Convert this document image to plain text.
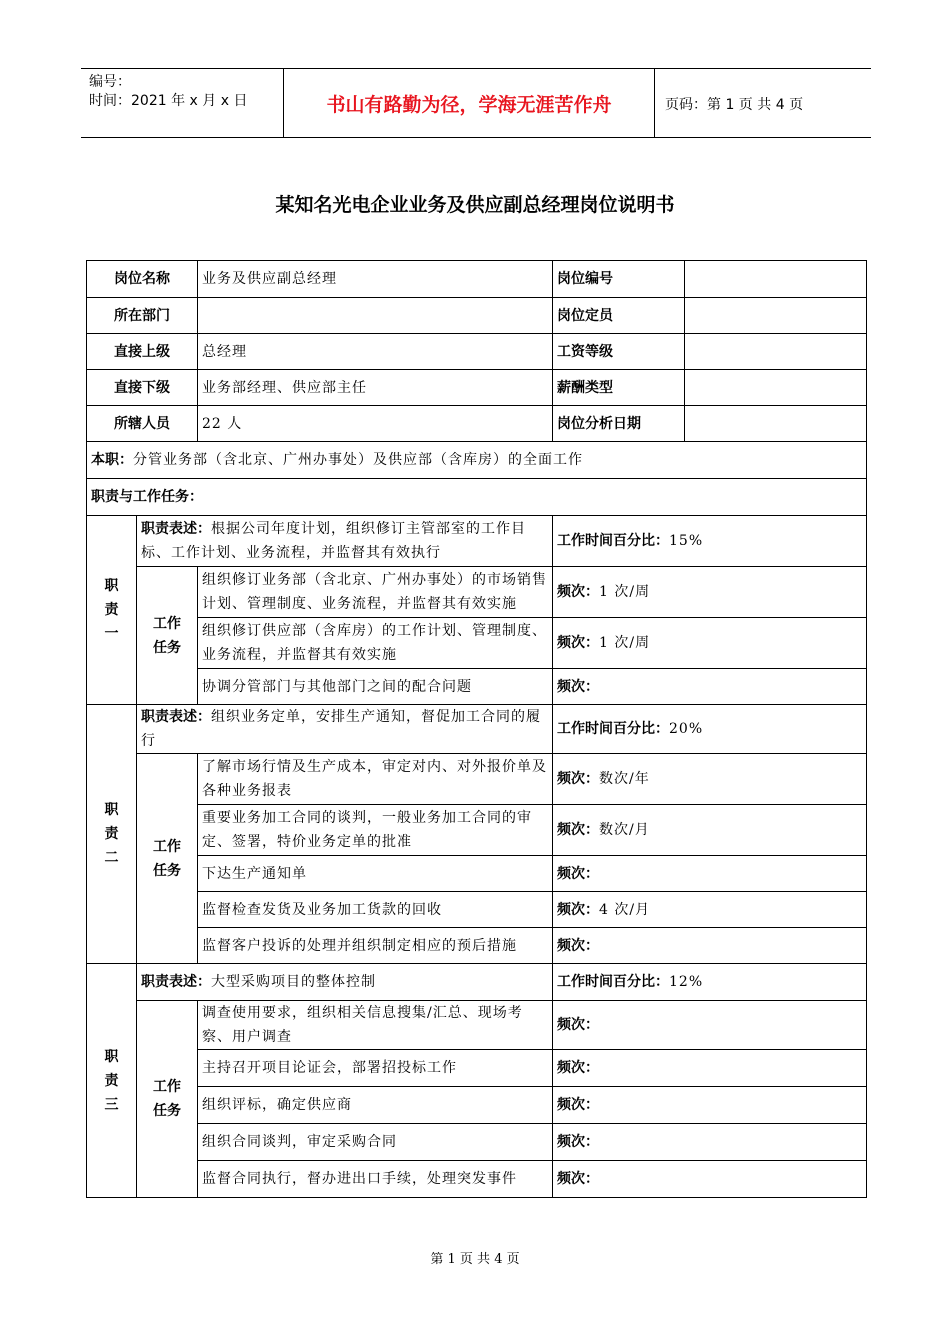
编号：
时间：2021 年 x 月 x 日	书山有路勤为径，学海无涯苦作舟	页码：第 1 页 共 4 页
某知名光电企业业务及供应副总经理岗位说明书
岗位名称		业务及供应副总经理	岗位编号	
所在部门			岗位定员	
直接上级		总经理	工资等级	
直接下级		业务部经理、供应部主任	薪酬类型	
所辖人员		22 人	岗位分析日期	
本职：分管业务部（含北京、广州办事处）及供应部（含库房）的全面工作				
职责与工作任务：				

职
责
一	职责表述：根据公司年度计划，组织修订主管部室的工作目标、工作计划、业务流程，并监督其有效执行		工作时间百分比：15%	

	工作
任务	组织修订业务部（含北京、广州办事处）的市场销售计划、管理制度、业务流程，并监督其有效实施	频次：1 次/周	
		组织修订供应部（含库房）的工作计划、管理制度、业务流程，并监督其有效实施	频次：1 次/周	
		协调分管部门与其他部门之间的配合问题	频次：	

职
责
二	职责表述：组织业务定单，安排生产通知，督促加工合同的履行		工作时间百分比：20%	

	工作
任务	了解市场行情及生产成本，审定对内、对外报价单及各种业务报表	频次：数次/年	
		重要业务加工合同的谈判，一般业务加工合同的审定、签署，特价业务定单的批准	频次：数次/月	
		下达生产通知单	频次：	
		监督检查发货及业务加工货款的回收	频次：4 次/月	
		监督客户投诉的处理并组织制定相应的预后措施	频次：	

职
责
三	职责表述：大型采购项目的整体控制		工作时间百分比：12%	

	工作
任务	调查使用要求，组织相关信息搜集/汇总、现场考察、用户调查	频次：	
		主持召开项目论证会，部署招投标工作	频次：	
		组织评标，确定供应商	频次：	
		组织合同谈判，审定采购合同	频次：	
		监督合同执行，督办进出口手续，处理突发事件	频次：	
第 1 页 共 4 页
